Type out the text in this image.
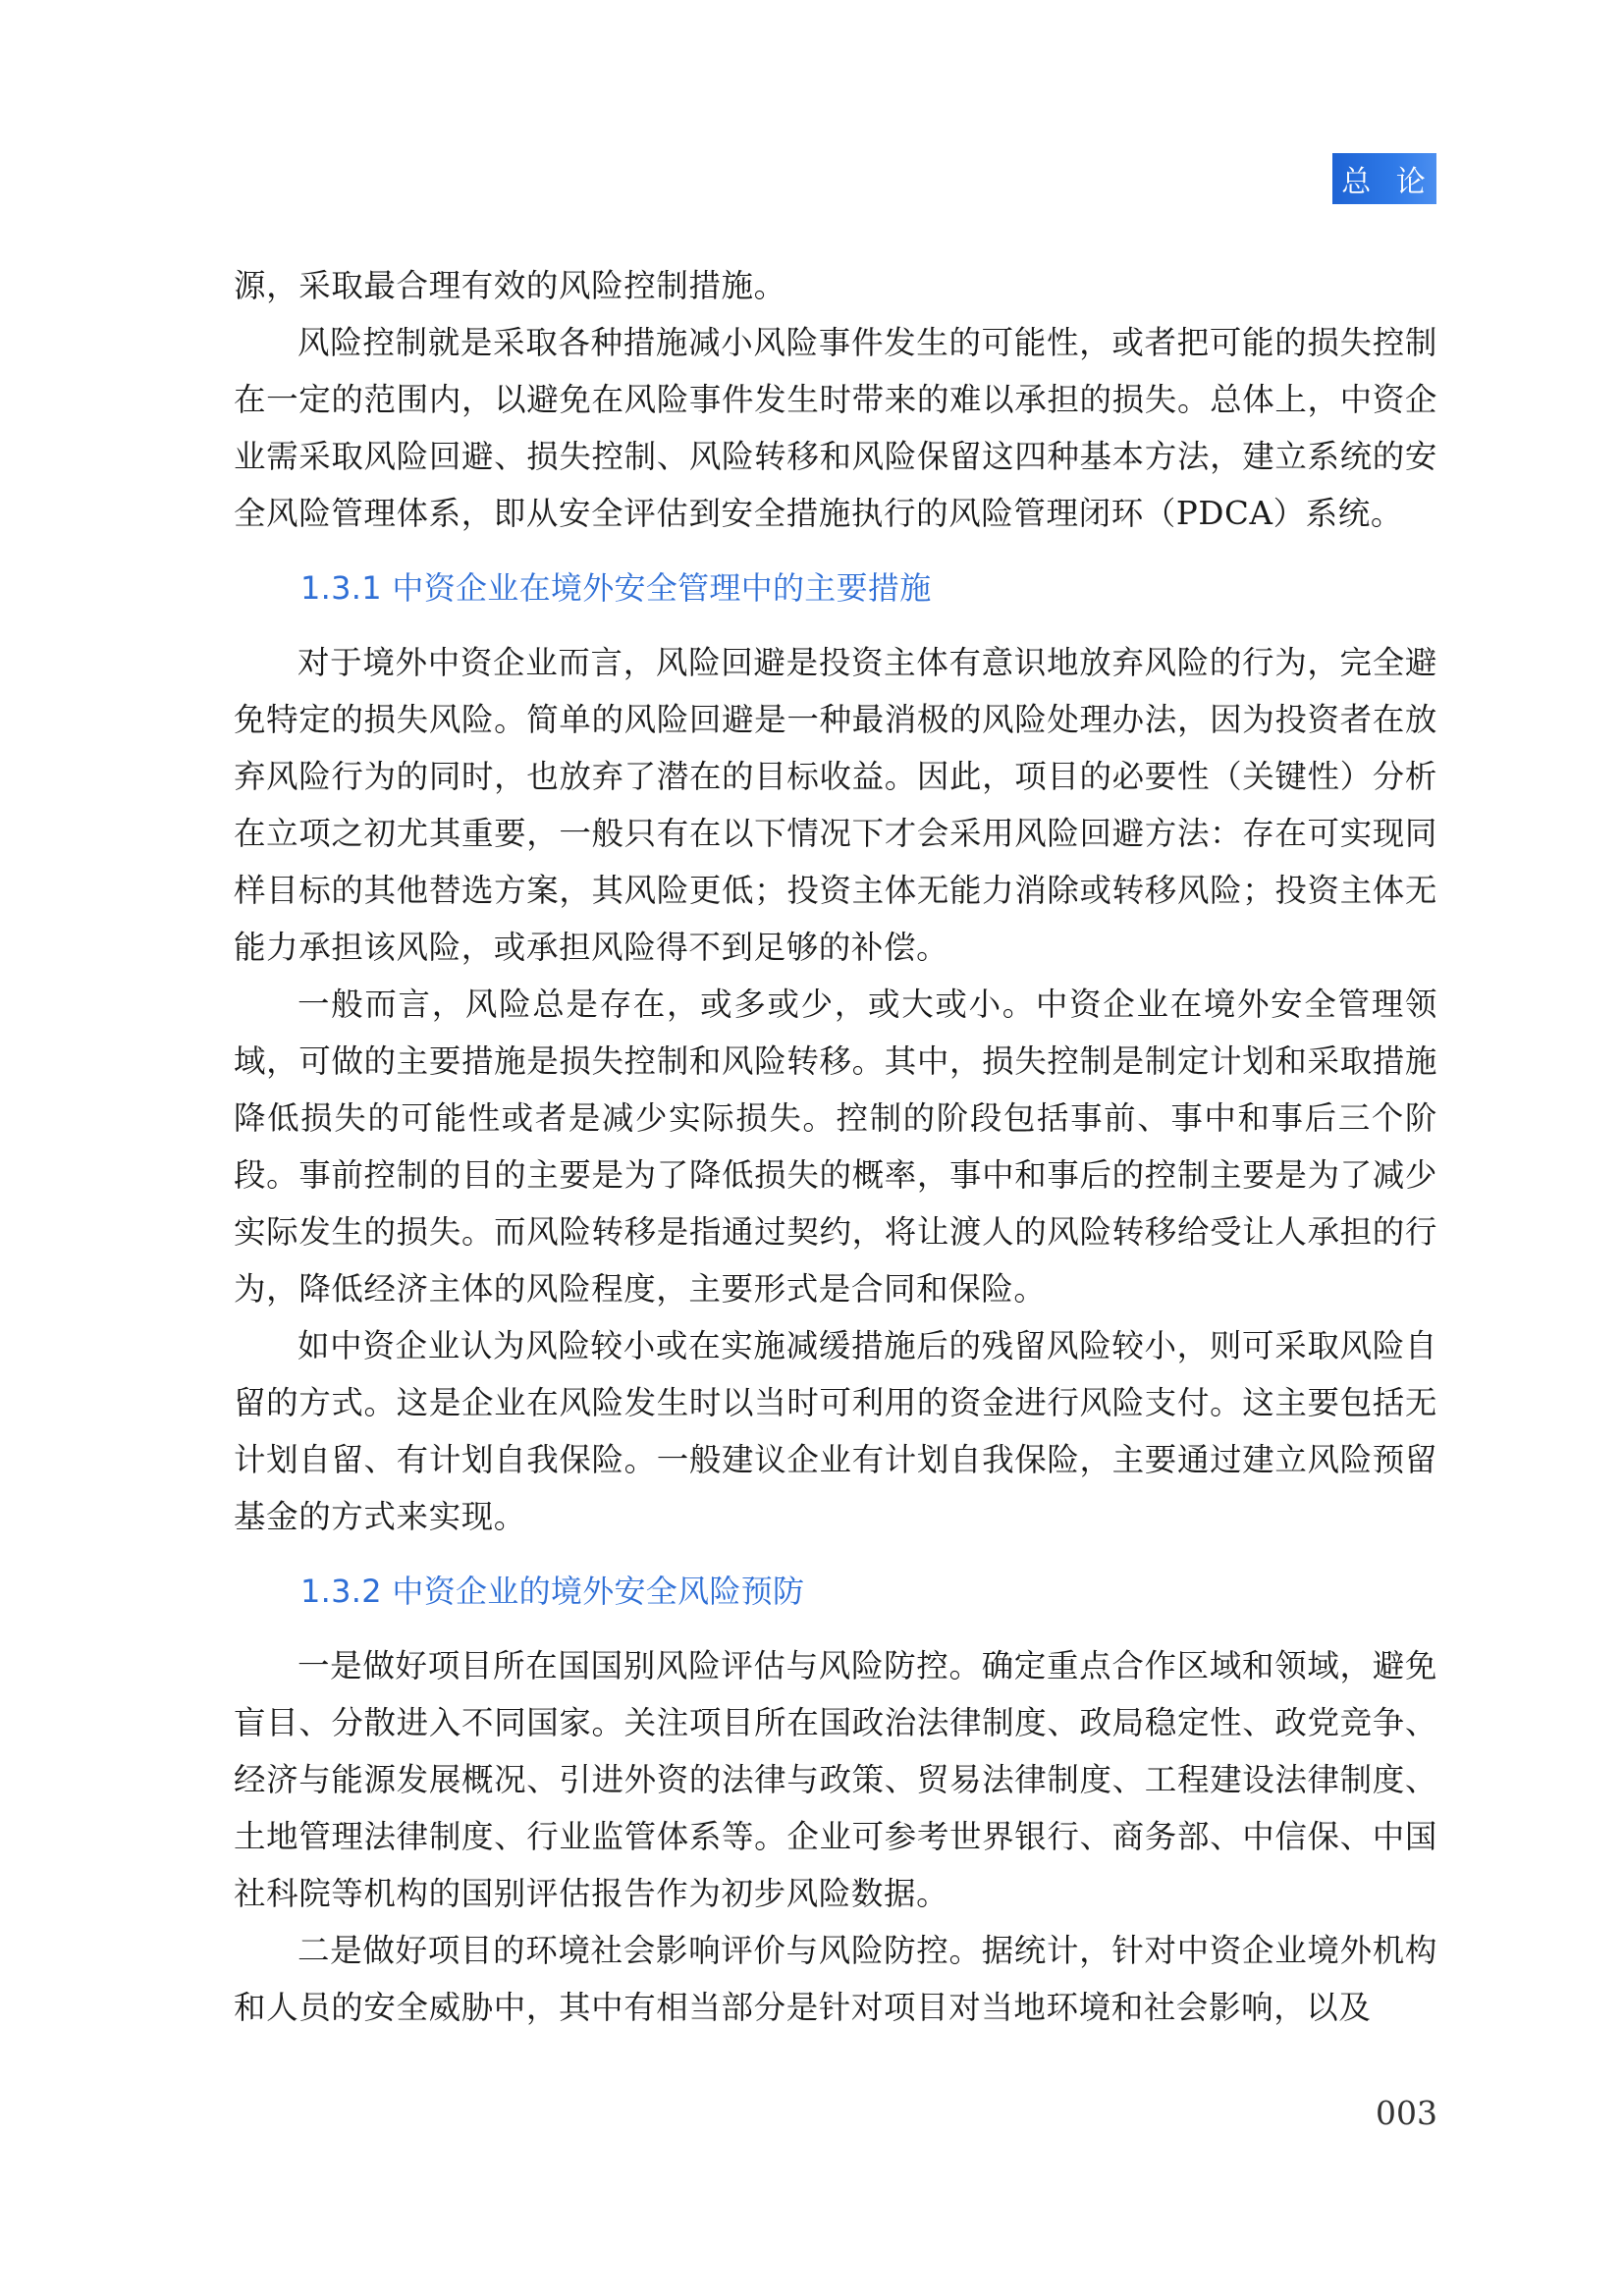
总 论

源，采取最合理有效的风险控制措施。

风险控制就是采取各种措施减小风险事件发生的可能性，或者把可能的损失控制在一定的范围内，以避免在风险事件发生时带来的难以承担的损失。总体上，中资企业需采取风险回避、损失控制、风险转移和风险保留这四种基本方法，建立系统的安全风险管理体系，即从安全评估到安全措施执行的风险管理闭环（PDCA）系统。

1.3.1 中资企业在境外安全管理中的主要措施

对于境外中资企业而言，风险回避是投资主体有意识地放弃风险的行为，完全避免特定的损失风险。简单的风险回避是一种最消极的风险处理办法，因为投资者在放弃风险行为的同时，也放弃了潜在的目标收益。因此，项目的必要性（关键性）分析在立项之初尤其重要，一般只有在以下情况下才会采用风险回避方法：存在可实现同样目标的其他替选方案，其风险更低；投资主体无能力消除或转移风险；投资主体无能力承担该风险，或承担风险得不到足够的补偿。

一般而言，风险总是存在，或多或少，或大或小。中资企业在境外安全管理领域，可做的主要措施是损失控制和风险转移。其中，损失控制是制定计划和采取措施降低损失的可能性或者是减少实际损失。控制的阶段包括事前、事中和事后三个阶段。事前控制的目的主要是为了降低损失的概率，事中和事后的控制主要是为了减少实际发生的损失。而风险转移是指通过契约，将让渡人的风险转移给受让人承担的行为，降低经济主体的风险程度，主要形式是合同和保险。

如中资企业认为风险较小或在实施减缓措施后的残留风险较小，则可采取风险自留的方式。这是企业在风险发生时以当时可利用的资金进行风险支付。这主要包括无计划自留、有计划自我保险。一般建议企业有计划自我保险，主要通过建立风险预留基金的方式来实现。

1.3.2 中资企业的境外安全风险预防

一是做好项目所在国国别风险评估与风险防控。确定重点合作区域和领域，避免盲目、分散进入不同国家。关注项目所在国政治法律制度、政局稳定性、政党竞争、经济与能源发展概况、引进外资的法律与政策、贸易法律制度、工程建设法律制度、土地管理法律制度、行业监管体系等。企业可参考世界银行、商务部、中信保、中国社科院等机构的国别评估报告作为初步风险数据。

二是做好项目的环境社会影响评价与风险防控。据统计，针对中资企业境外机构和人员的安全威胁中，其中有相当部分是针对项目对当地环境和社会影响，以及

003
